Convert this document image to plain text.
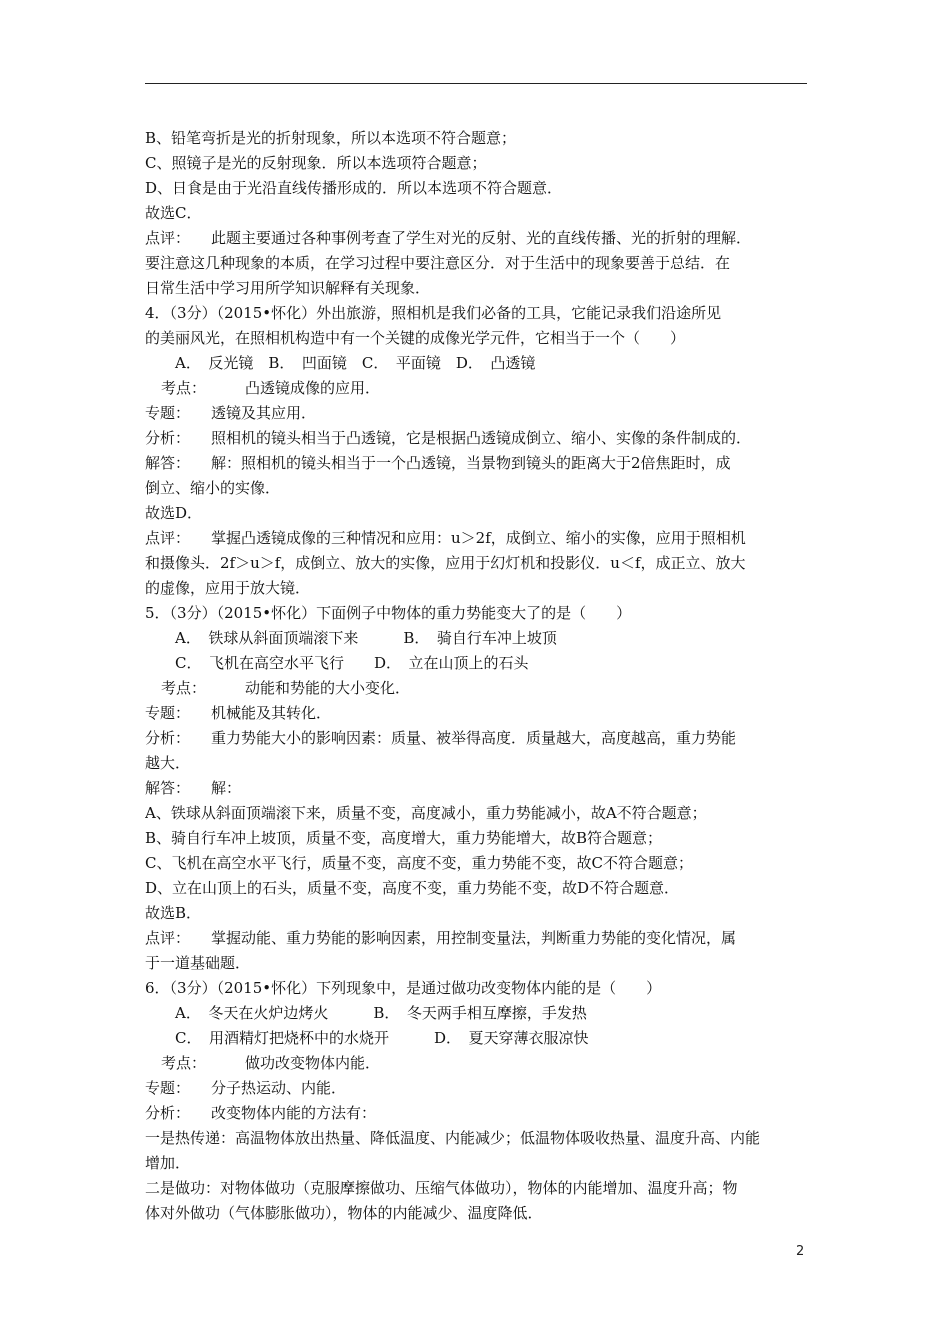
B、铅笔弯折是光的折射现象，所以本选项不符合题意；
C、照镜子是光的反射现象．所以本选项符合题意；
D、日食是由于光沿直线传播形成的．所以本选项不符合题意．
故选C．
点评： 此题主要通过各种事例考查了学生对光的反射、光的直线传播、光的折射的理解．
要注意这几种现象的本质，在学习过程中要注意区分．对于生活中的现象要善于总结．在
日常生活中学习用所学知识解释有关现象．
4．（3分）（2015•怀化）外出旅游，照相机是我们必备的工具，它能记录我们沿途所见
的美丽风光，在照相机构造中有一个关键的成像光学元件，它相当于一个（　　）
A．　反光镜　B．　凹面镜　C．　平面镜　D．　凸透镜
考点：	凸透镜成像的应用．
专题： 透镜及其应用．
分析： 照相机的镜头相当于凸透镜，它是根据凸透镜成倒立、缩小、实像的条件制成的．
解答： 解：照相机的镜头相当于一个凸透镜，当景物到镜头的距离大于2倍焦距时，成
倒立、缩小的实像．
故选D．
点评： 掌握凸透镜成像的三种情况和应用：u＞2f，成倒立、缩小的实像，应用于照相机
和摄像头．2f＞u＞f，成倒立、放大的实像，应用于幻灯机和投影仪．u＜f，成正立、放大
的虚像，应用于放大镜．
5．（3分）（2015•怀化）下面例子中物体的重力势能变大了的是（　　）
A．　铁球从斜面顶端滚下来　　　B．　骑自行车冲上坡顶
C．　飞机在高空水平飞行　　D．　立在山顶上的石头
考点：	动能和势能的大小变化．
专题： 机械能及其转化．
分析： 重力势能大小的影响因素：质量、被举得高度．质量越大，高度越高，重力势能
越大．
解答： 解：
A、铁球从斜面顶端滚下来，质量不变，高度减小，重力势能减小，故A不符合题意；
B、骑自行车冲上坡顶，质量不变，高度增大，重力势能增大，故B符合题意；
C、飞机在高空水平飞行，质量不变，高度不变，重力势能不变，故C不符合题意；
D、立在山顶上的石头，质量不变，高度不变，重力势能不变，故D不符合题意．
故选B．
点评： 掌握动能、重力势能的影响因素，用控制变量法，判断重力势能的变化情况，属
于一道基础题．
6．（3分）（2015•怀化）下列现象中，是通过做功改变物体内能的是（　　）
A．　冬天在火炉边烤火　　　B．　冬天两手相互摩擦，手发热
C．　用酒精灯把烧杯中的水烧开　　　D．　夏天穿薄衣服凉快
考点：	做功改变物体内能．
专题： 分子热运动、内能．
分析： 改变物体内能的方法有：
一是热传递：高温物体放出热量、降低温度、内能减少；低温物体吸收热量、温度升高、内能
增加．
二是做功：对物体做功（克服摩擦做功、压缩气体做功），物体的内能增加、温度升高；物
体对外做功（气体膨胀做功），物体的内能减少、温度降低．
2
